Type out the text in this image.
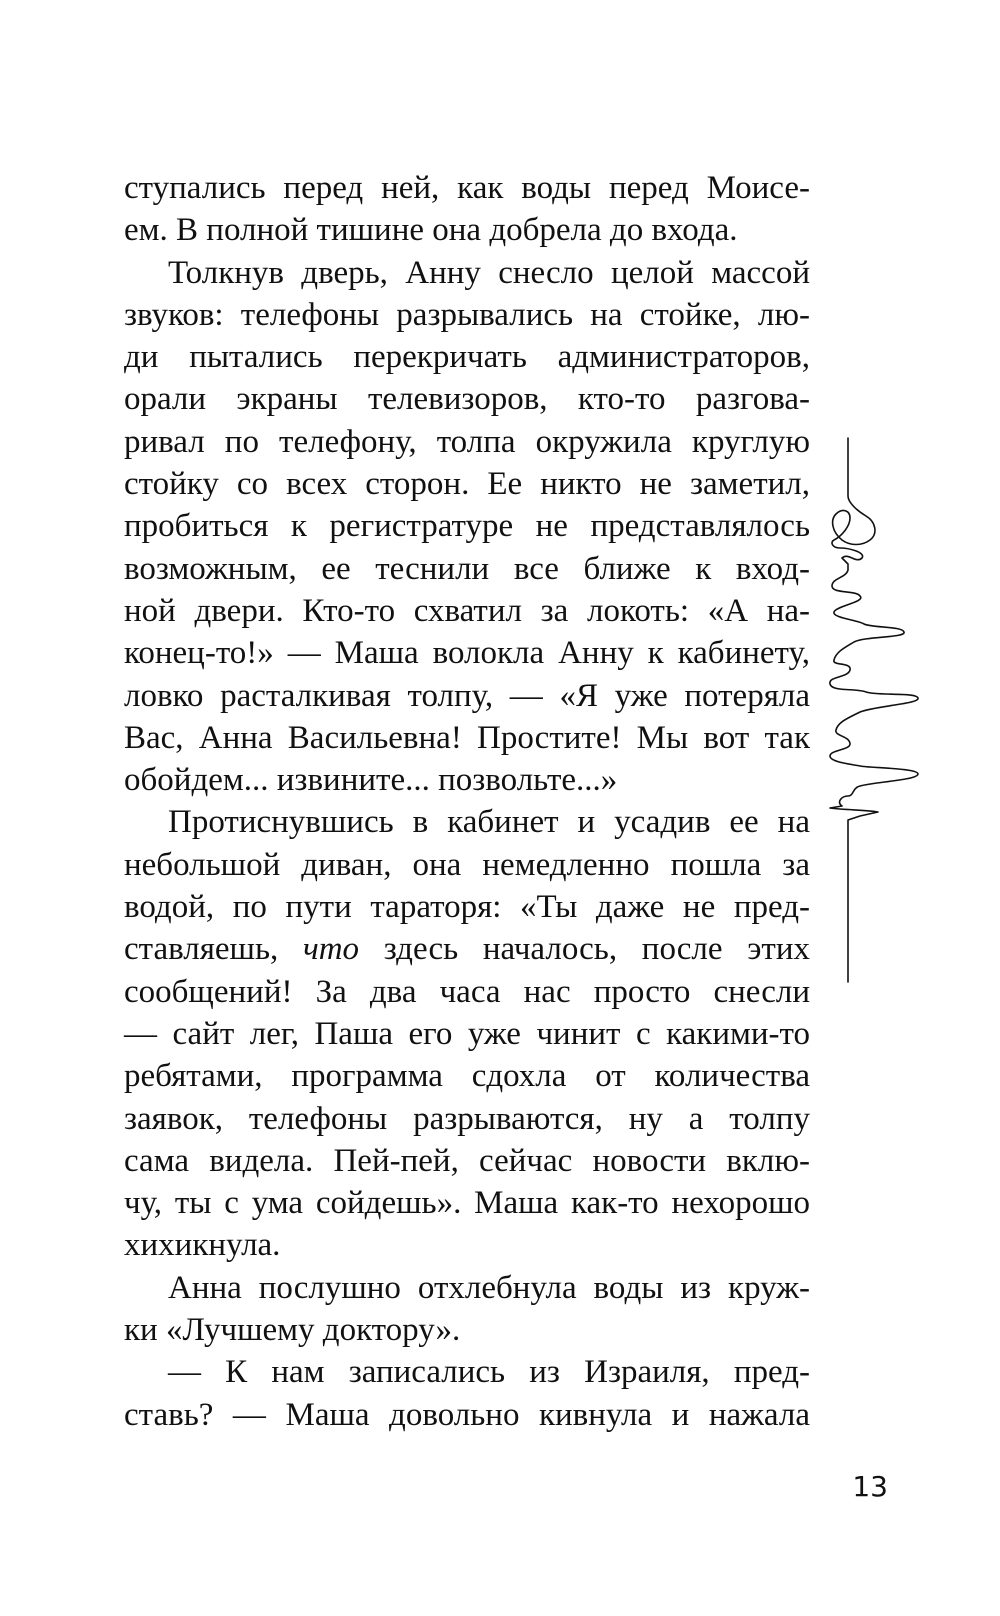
ступались перед ней, как воды перед Моисе-
ем. В полной тишине она добрела до входа.
Толкнув дверь, Анну снесло целой массой
звуков: телефоны разрывались на стойке, лю-
ди пытались перекричать администраторов,
орали экраны телевизоров, кто-то разгова-
ривал по телефону, толпа окружила круглую
стойку со всех сторон. Ее никто не заметил,
пробиться к регистратуре не представлялось
возможным, ее теснили все ближе к вход-
ной двери. Кто-то схватил за локоть: «А на-
конец-то!» — Маша волокла Анну к кабинету,
ловко расталкивая толпу, — «Я уже потеряла
Вас, Анна Васильевна! Простите! Мы вот так
обойдем... извините... позвольте...»
Протиснувшись в кабинет и усадив ее на
небольшой диван, она немедленно пошла за
водой, по пути тараторя: «Ты даже не пред-
ставляешь, что здесь началось, после этих
сообщений! За два часа нас просто снесли
— сайт лег, Паша его уже чинит с какими-то
ребятами, программа сдохла от количества
заявок, телефоны разрываются, ну а толпу
сама видела. Пей-пей, сейчас новости вклю-
чу, ты с ума сойдешь». Маша как-то нехорошо
хихикнула.
Анна послушно отхлебнула воды из круж-
ки «Лучшему доктору».
— К нам записались из Израиля, пред-
ставь? — Маша довольно кивнула и нажала
13
